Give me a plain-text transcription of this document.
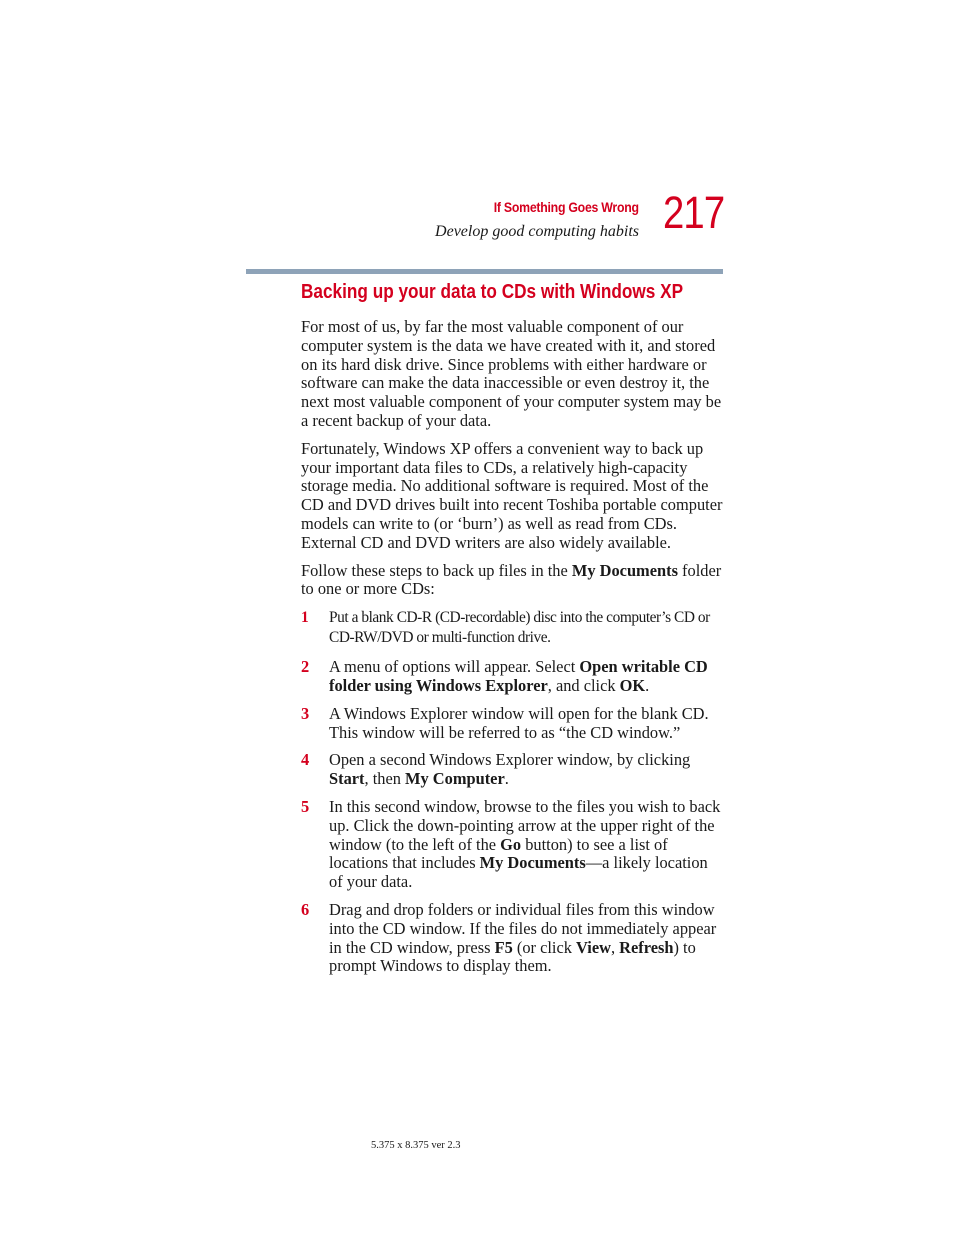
If Something Goes Wrong
Develop good computing habits 217
Backing up your data to CDs with Windows XP

For most of us, by far the most valuable component of our computer system is the data we have created with it, and stored on its hard disk drive. Since problems with either hardware or software can make the data inaccessible or even destroy it, the next most valuable component of your computer system may be a recent backup of your data.

Fortunately, Windows XP offers a convenient way to back up your important data files to CDs, a relatively high-capacity storage media. No additional software is required. Most of the CD and DVD drives built into recent Toshiba portable computer models can write to (or ‘burn’) as well as read from CDs. External CD and DVD writers are also widely available.

Follow these steps to back up files in the My Documents folder to one or more CDs:

1 Put a blank CD-R (CD-recordable) disc into the computer’s CD or CD-RW/DVD or multi-function drive.
2 A menu of options will appear. Select Open writable CD folder using Windows Explorer, and click OK.
3 A Windows Explorer window will open for the blank CD. This window will be referred to as “the CD window.”
4 Open a second Windows Explorer window, by clicking Start, then My Computer.
5 In this second window, browse to the files you wish to back up. Click the down-pointing arrow at the upper right of the window (to the left of the Go button) to see a list of locations that includes My Documents—a likely location of your data.
6 Drag and drop folders or individual files from this window into the CD window. If the files do not immediately appear in the CD window, press F5 (or click View, Refresh) to prompt Windows to display them.
5.375 x 8.375 ver 2.3
